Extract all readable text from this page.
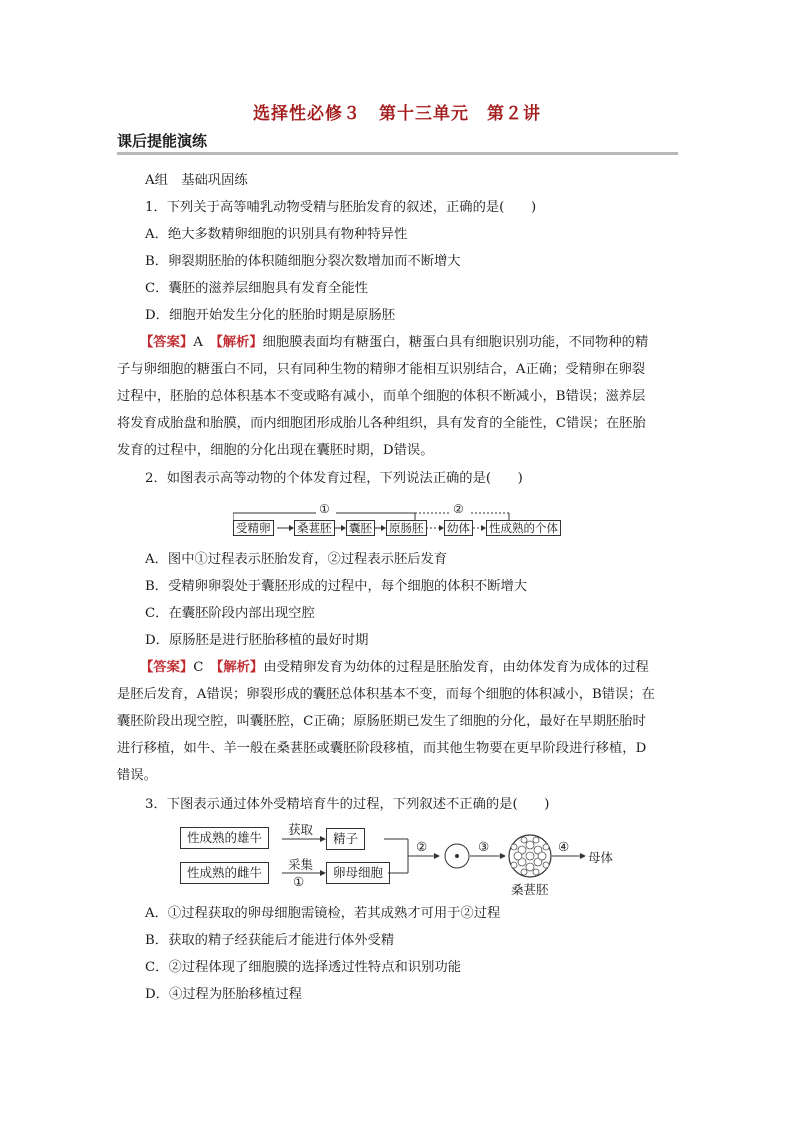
选择性必修３　第十三单元　第２讲
课后提能演练
A组　基础巩固练
1．下列关于高等哺乳动物受精与胚胎发育的叙述，正确的是(　　)
A．绝大多数精卵细胞的识别具有物种特异性
B．卵裂期胚胎的体积随细胞分裂次数增加而不断增大
C．囊胚的滋养层细胞具有发育全能性
D．细胞开始发生分化的胚胎时期是原肠胚
【答案】A　【解析】细胞膜表面均有糖蛋白，糖蛋白具有细胞识别功能，不同物种的精
子与卵细胞的糖蛋白不同，只有同种生物的精卵才能相互识别结合，A正确；受精卵在卵裂
过程中，胚胎的总体积基本不变或略有减小，而单个细胞的体积不断减小，B错误；滋养层
将发育成胎盘和胎膜，而内细胞团形成胎儿各种组织，具有发育的全能性，C错误；在胚胎
发育的过程中，细胞的分化出现在囊胚时期，D错误。
2．如图表示高等动物的个体发育过程，下列说法正确的是(　　)
①	②
受精卵 桑葚胚 囊胚 原肠胚 幼体 性成熟的个体
A．图中①过程表示胚胎发育，②过程表示胚后发育
B．受精卵卵裂处于囊胚形成的过程中，每个细胞的体积不断增大
C．在囊胚阶段内部出现空腔
D．原肠胚是进行胚胎移植的最好时期
【答案】C　【解析】由受精卵发育为幼体的过程是胚胎发育，由幼体发育为成体的过程
是胚后发育，A错误；卵裂形成的囊胚总体积基本不变，而每个细胞的体积减小，B错误；在
囊胚阶段出现空腔，叫囊胚腔，C正确；原肠胚期已发生了细胞的分化，最好在早期胚胎时
进行移植，如牛、羊一般在桑葚胚或囊胚阶段移植，而其他生物要在更早阶段进行移植，D
错误。
3．下图表示通过体外受精培育牛的过程，下列叙述不正确的是(　　)
性成熟的雄牛
性成熟的雌牛
获取
采集
①
精子
卵母细胞
②	③	④
桑葚胚
母体
A．①过程获取的卵母细胞需镜检，若其成熟才可用于②过程
B．获取的精子经获能后才能进行体外受精
C．②过程体现了细胞膜的选择透过性特点和识别功能
D．④过程为胚胎移植过程
